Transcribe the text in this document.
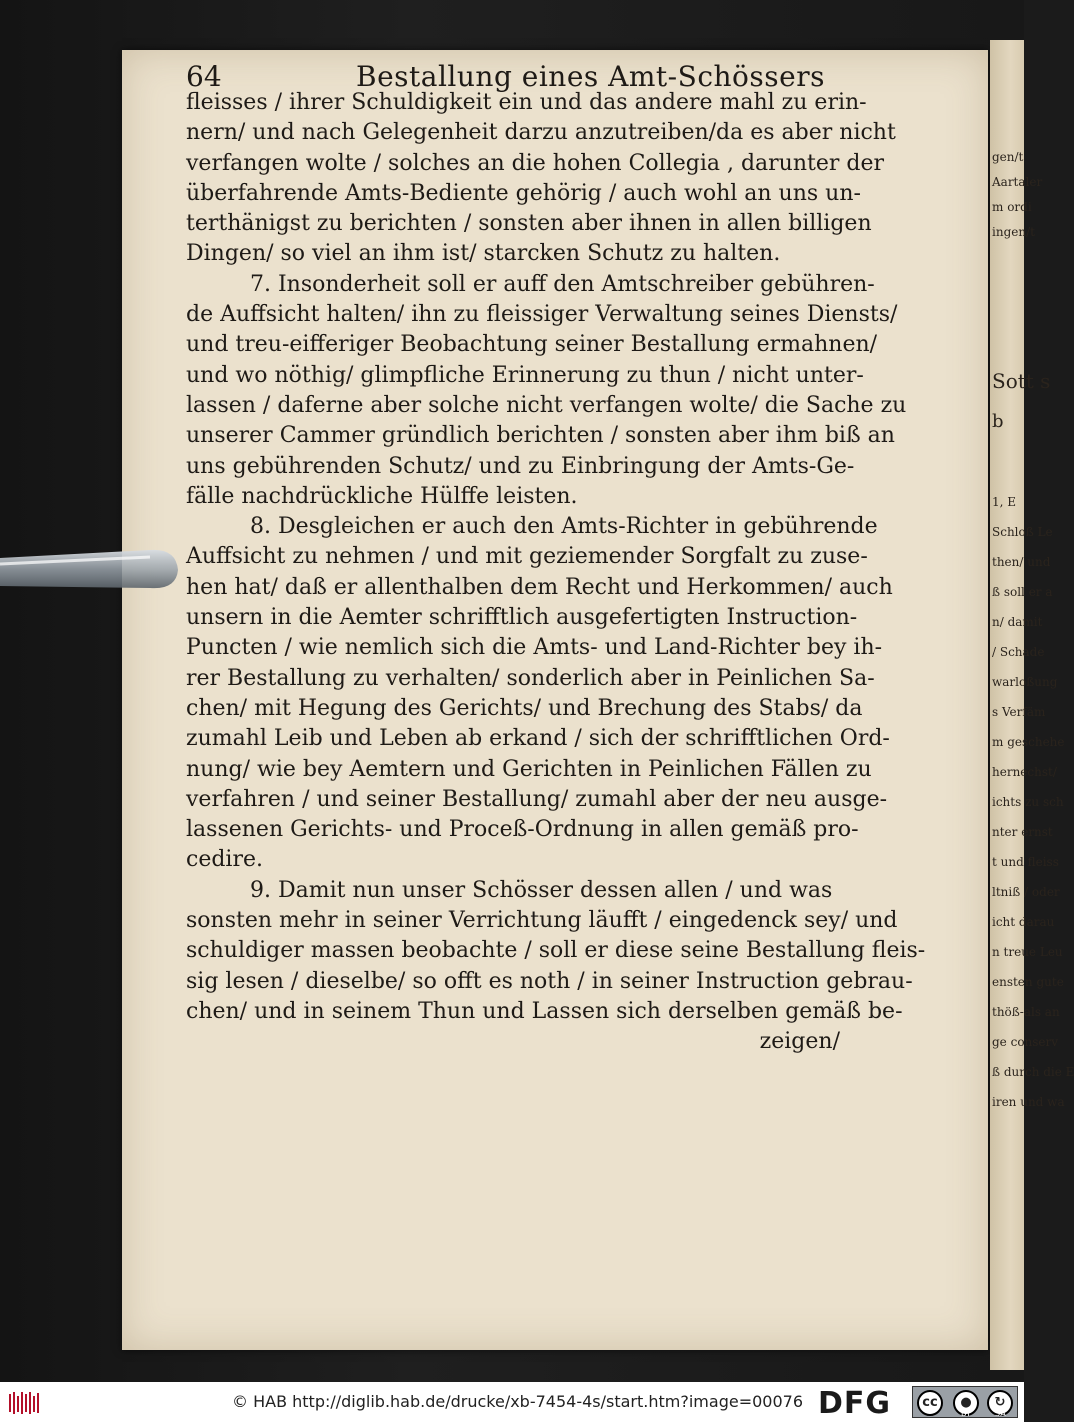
64	Bestallung eines Amt-Schössers
fleisses / ihrer Schuldigkeit ein und das andere mahl zu erin-
nern/ und nach Gelegenheit darzu anzutreiben/da es aber nicht
verfangen wolte / solches an die hohen Collegia , darunter der
überfahrende Amts-Bediente gehörig / auch wohl an uns un-
terthänigst zu berichten / sonsten aber ihnen in allen billigen
Dingen/ so viel an ihm ist/ starcken Schutz zu halten.
7. Insonderheit soll er auff den Amtschreiber gebühren-
de Auffsicht halten/ ihn zu fleissiger Verwaltung seines Diensts/
und treu-eifferiger Beobachtung seiner Bestallung ermahnen/
und wo nöthig/ glimpfliche Erinnerung zu thun / nicht unter-
lassen / daferne aber solche nicht verfangen wolte/ die Sache zu
unserer Cammer gründlich berichten / sonsten aber ihm biß an
uns gebührenden Schutz/ und zu Einbringung der Amts-Ge-
fälle nachdrückliche Hülffe leisten.
8. Desgleichen er auch den Amts-Richter in gebührende
Auffsicht zu nehmen / und mit geziemender Sorgfalt zu zuse-
hen hat/ daß er allenthalben dem Recht und Herkommen/ auch
unsern in die Aemter schrifftlich ausgefertigten Instruction-
Puncten / wie nemlich sich die Amts- und Land-Richter bey ih-
rer Bestallung zu verhalten/ sonderlich aber in Peinlichen Sa-
chen/ mit Hegung des Gerichts/ und Brechung des Stabs/ da
zumahl Leib und Leben ab erkand / sich der schrifftlichen Ord-
nung/ wie bey Aemtern und Gerichten in Peinlichen Fällen zu
verfahren / und seiner Bestallung/ zumahl aber der neu ausge-
lassenen Gerichts- und Proceß-Ordnung in allen gemäß pro-
cedire.
9. Damit nun unser Schösser dessen allen / und was
sonsten mehr in seiner Verrichtung läufft / eingedenck sey/ und
schuldiger massen beobachte / soll er diese seine Bestallung fleis-
sig lesen / dieselbe/ so offt es noth / in seiner Instruction gebrau-
chen/ und in seinem Thun und Lassen sich derselben gemäß be-
zeigen/
gen/t
Aartaler
m ordi
ingen/t
Sott s
b
1, E
Schloß Le
then/ und
ß soll er a
n/ damit
/ Schade
warloßung
s Verfäm
m geschehe
hernechst/
ichts zu sch
nter ernst
t und fleiss
ltniß / oder
icht darau
n treue Leu
ensten gute
thöß-als an
ge conserv
ß durch die E
iren und wa
© HAB http://diglib.hab.de/drucke/xb-7454-4s/start.htm?image=00076 DFG	cc	●	↻
BY	SA
